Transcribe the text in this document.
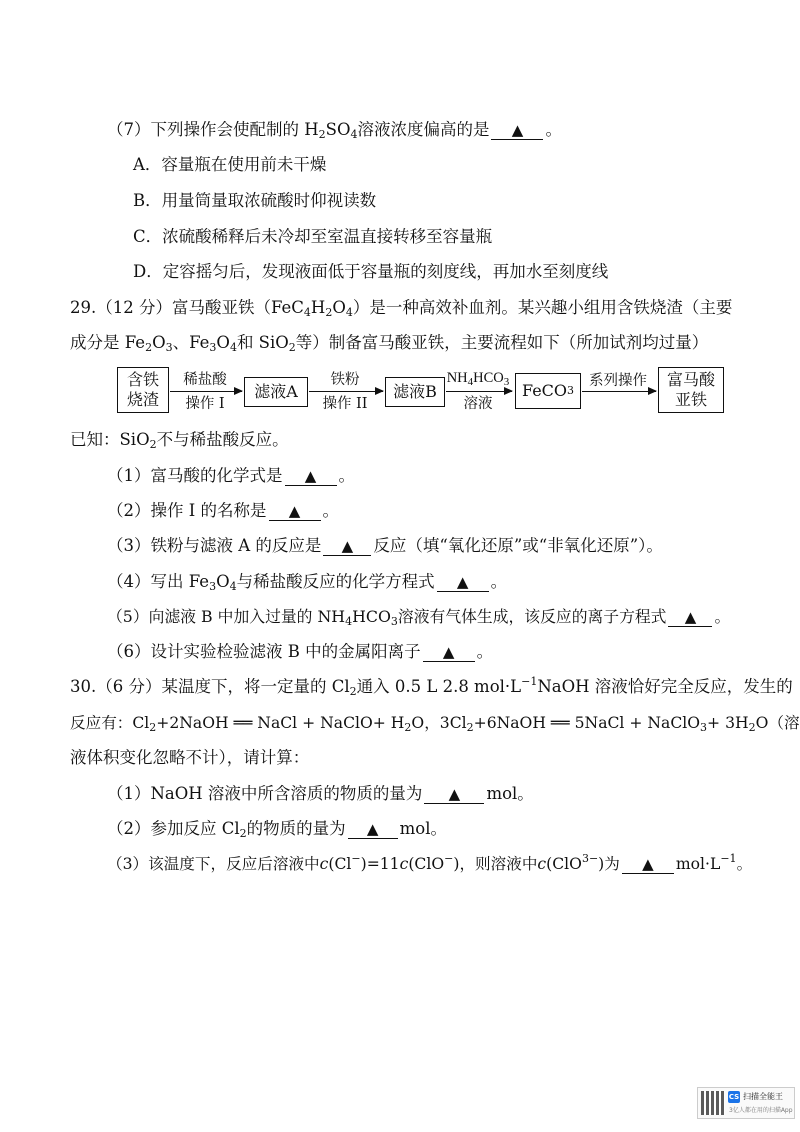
（7）下列操作会使配制的 $H_2SO_4$溶液浓度偏高的是 ▲ 。
A．容量瓶在使用前未干燥
B．用量筒量取浓硫酸时仰视读数
C．浓硫酸稀释后未冷却至室温直接转移至容量瓶
D．定容摇匀后，发现液面低于容量瓶的刻度线，再加水至刻度线
29.（12 分）富马酸亚铁$(FeC_4H_2O_4)$是一种高效补血剂。某兴趣小组用含铁烧渣（主要
成分是 $Fe_2O_3$、$Fe_3O_4$和 SiO$_2$等）制备富马酸亚铁，主要流程如下（所加试剂均过量）
含铁
烧渣
稀盐酸
操作 I
滤液A
铁粉
操作 II
滤液B
$NH_4HCO_3$
溶液
FeCO 3
系列操作	富马酸
亚铁
已知：SiO$_2$不与稀盐酸反应。
（1）富马酸的化学式是 ▲ 。
（2）操作 I 的名称是 ▲ 。
（3）铁粉与滤液 A 的反应是 ▲ 反应（填“氧化还原”或“非氧化还原”）。
（4）写出 $Fe_3O_4$与稀盐酸反应的化学方程式 ▲ 。
（5）向滤液 B 中加入过量的 $NH_4HCO_3$溶液有气体生成，该反应的离子方程式 ▲ 。
（6）设计实验检验滤液 B 中的金属阳离子 ▲ 。
30.（6 分）某温度下，将一定量的 $Cl_2$通入 0.5 L 2.8 $mol\cdot L^{-1}NaOH$ 溶液恰好完全反应，发生的
反应有：$Cl_2+2NaOH$ ══ NaCl + NaClO+ $H_2O$，$3Cl_2+6NaOH$ ══ 5NaCl + NaClO$_3$+ $3H_2O$（溶
液体积变化忽略不计），请计算：
（1）NaOH 溶液中所含溶质的物质的量为 ▲ mol。
（2）参加反应 $Cl_2$的物质的量为 ▲ mol。
（3）该温度下，反应后溶液中c(Cl−)=11c(ClO−)，则溶液中c(ClO$^{3-}$)为 ▲ $mol\cdot L^{-1}$。
CS 扫描全能王
3亿人都在用的扫描App
